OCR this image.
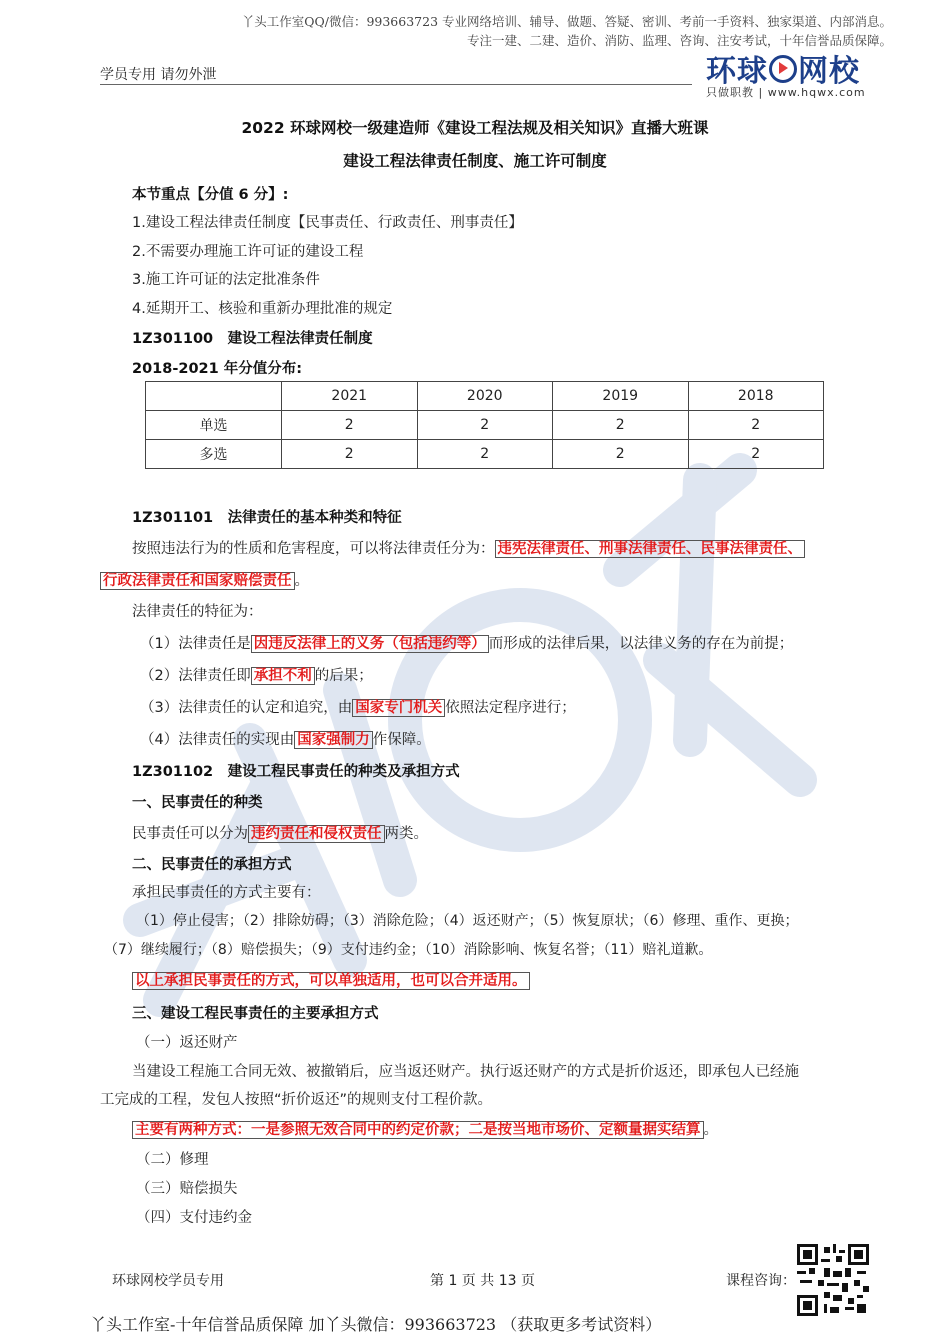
丫头工作室QQ/微信：993663723 专业网络培训、辅导、做题、答疑、密训、考前一手资料、独家渠道、内部消息。
专注一建、二建、造价、消防、监理、咨询、注安考试，十年信誉品质保障。
学员专用 请勿外泄	环球 网校
只做职教 | www.hqwx.com
2022 环球网校一级建造师《建设工程法规及相关知识》直播大班课
建设工程法律责任制度、施工许可制度
本节重点【分值 6 分】:
1.建设工程法律责任制度【民事责任、行政责任、刑事责任】
2.不需要办理施工许可证的建设工程
3.施工许可证的法定批准条件
4.延期开工、核验和重新办理批准的规定
1Z301100　建设工程法律责任制度
2018-2021 年分值分布:
	2021	2020	2019	2018
单选	2	2	2	2
多选	2	2	2	2
1Z301101　法律责任的基本种类和特征
按照违法行为的性质和危害程度，可以将法律责任分为： 违宪法律责任、刑事法律责任、民事法律责任、
行政法律责任和国家赔偿责任 。
法律责任的特征为：
（1）法律责任是 因违反法律上的义务（包括违约等） 而形成的法律后果，以法律义务的存在为前提；
（2）法律责任即 承担不利 的后果；
（3）法律责任的认定和追究，由 国家专门机关 依照法定程序进行；
（4）法律责任的实现由 国家强制力 作保障。
1Z301102　建设工程民事责任的种类及承担方式
一、民事责任的种类
民事责任可以分为 违约责任和侵权责任 两类。
二、民事责任的承担方式
承担民事责任的方式主要有：
（1）停止侵害；（2）排除妨碍；（3）消除危险；（4）返还财产；（5）恢复原状；（6）修理、重作、更换；
（7）继续履行；（8）赔偿损失；（9）支付违约金；（10）消除影响、恢复名誉；（11）赔礼道歉。
以上承担民事责任的方式，可以单独适用，也可以合并适用。
三、建设工程民事责任的主要承担方式
（一）返还财产
当建设工程施工合同无效、被撤销后，应当返还财产。执行返还财产的方式是折价返还，即承包人已经施
工完成的工程，发包人按照“折价返还”的规则支付工程价款。
主要有两种方式：一是参照无效合同中的约定价款；二是按当地市场价、定额量据实结算 。
（二）修理
（三）赔偿损失
（四）支付违约金
环球网校学员专用	第 1 页 共 13 页	课程咨询：
丫头工作室-十年信誉品质保障 加丫头微信：993663723 （获取更多考试资料）
